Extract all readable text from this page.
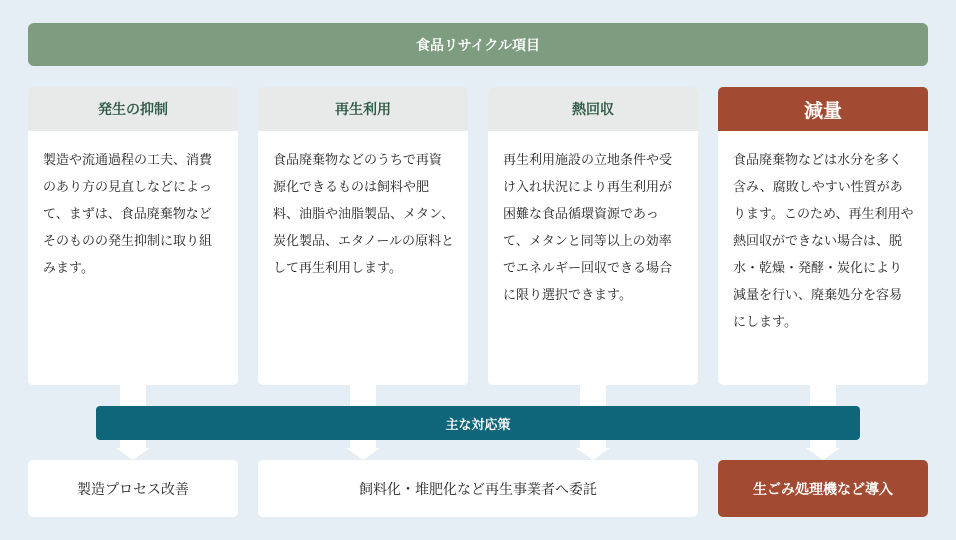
食品リサイクル項目
発生の抑制
製造や流通過程の工夫、消費のあり方の見直しなどによって、まずは、食品廃棄物などそのものの発生抑制に取り組みます。
再生利用
食品廃棄物などのうちで再資源化できるものは飼料や肥料、油脂や油脂製品、メタン、炭化製品、エタノールの原料として再生利用します。
熱回収
再生利用施設の立地条件や受け入れ状況により再生利用が困難な食品循環資源であって、メタンと同等以上の効率でエネルギー回収できる場合に限り選択できます。
減量
食品廃棄物などは水分を多く含み、腐敗しやすい性質があります。このため、再生利用や熱回収ができない場合は、脱水・乾燥・発酵・炭化により減量を行い、廃棄処分を容易にします。
主な対応策
製造プロセス改善	飼料化・堆肥化など再生事業者へ委託	生ごみ処理機など導入
